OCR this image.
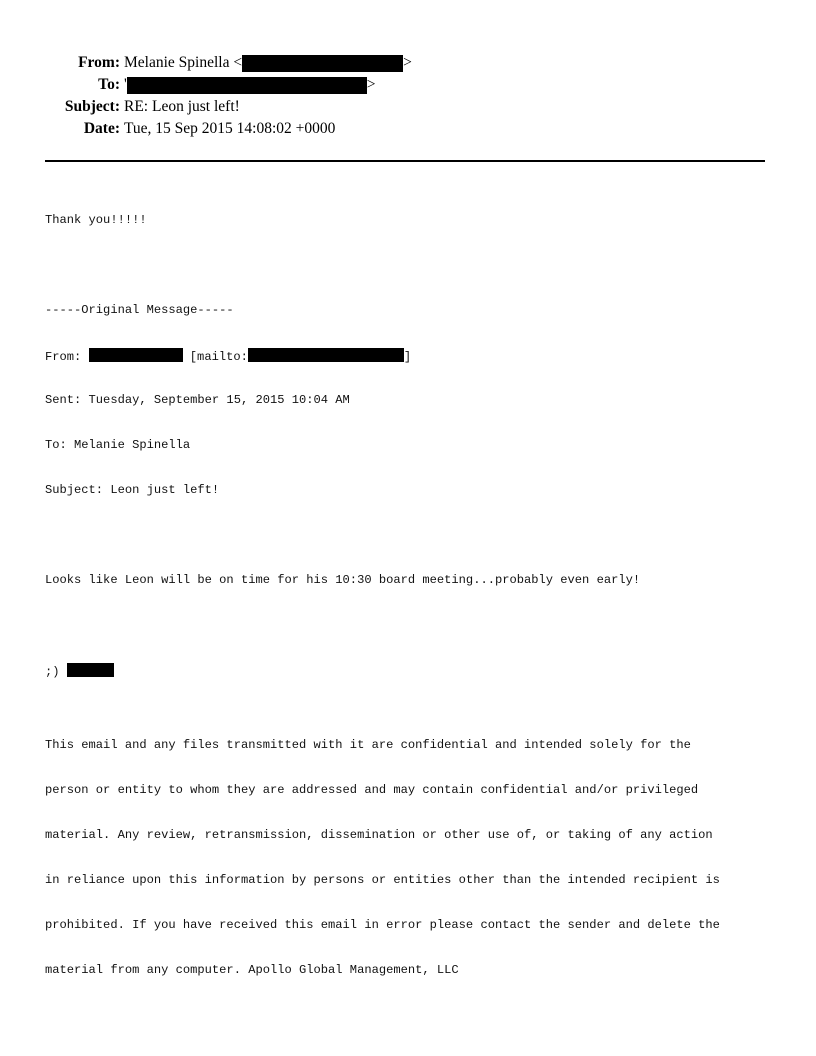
From: Melanie Spinella <	>
To: '	>
Subject: RE: Leon just left!
Date: Tue, 15 Sep 2015 14:08:02 +0000

Thank you!!!!!

-----Original Message-----

From:	[mailto:	]

Sent: Tuesday, September 15, 2015 10:04 AM

To: Melanie Spinella

Subject: Leon just left!

Looks like Leon will be on time for his 10:30 board meeting...probably even early!

;)

This email and any files transmitted with it are confidential and intended solely for the

person or entity to whom they are addressed and may contain confidential and/or privileged

material. Any review, retransmission, dissemination or other use of, or taking of any action

in reliance upon this information by persons or entities other than the intended recipient is

prohibited. If you have received this email in error please contact the sender and delete the

material from any computer. Apollo Global Management, LLC
